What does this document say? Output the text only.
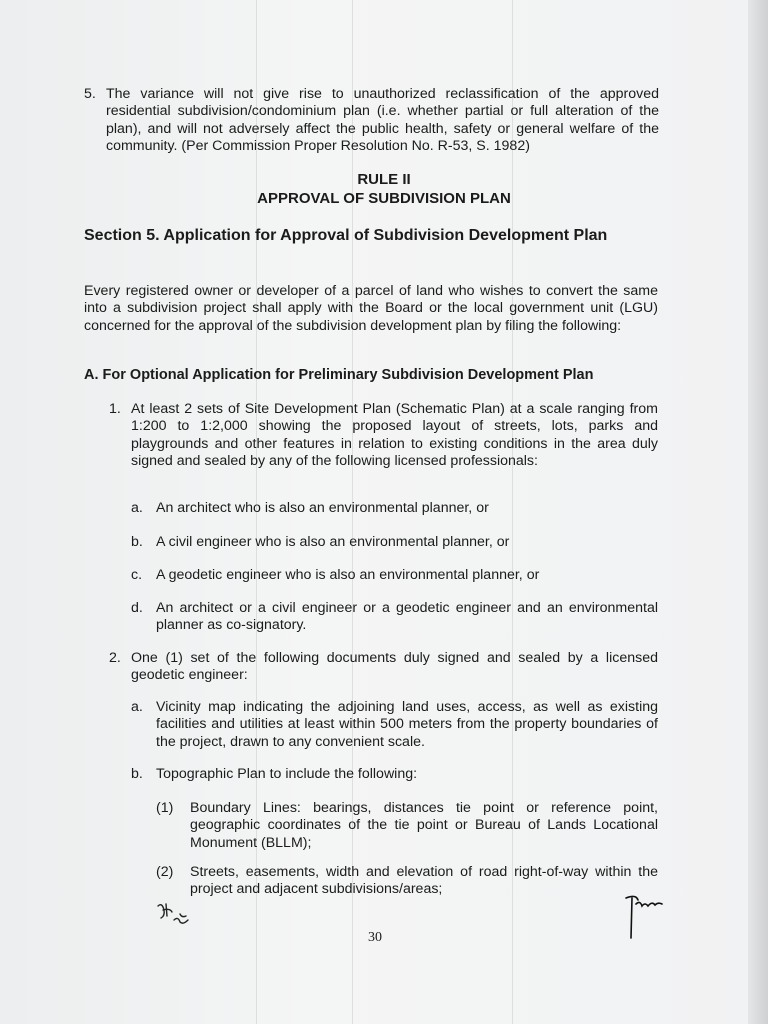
5. The variance will not give rise to unauthorized reclassification of the approved residential subdivision/condominium plan (i.e. whether partial or full alteration of the plan), and will not adversely affect the public health, safety or general welfare of the community. (Per Commission Proper Resolution No. R-53, S. 1982)

RULE II

APPROVAL OF SUBDIVISION PLAN

Section 5. Application for Approval of Subdivision Development Plan

Every registered owner or developer of a parcel of land who wishes to convert the same into a subdivision project shall apply with the Board or the local government unit (LGU) concerned for the approval of the subdivision development plan by filing the following:

A. For Optional Application for Preliminary Subdivision Development Plan

1. At least 2 sets of Site Development Plan (Schematic Plan) at a scale ranging from 1:200 to 1:2,000 showing the proposed layout of streets, lots, parks and playgrounds and other features in relation to existing conditions in the area duly signed and sealed by any of the following licensed professionals:

a. An architect who is also an environmental planner, or

b. A civil engineer who is also an environmental planner, or

c. A geodetic engineer who is also an environmental planner, or

d. An architect or a civil engineer or a geodetic engineer and an environmental planner as co-signatory.

2. One (1) set of the following documents duly signed and sealed by a licensed geodetic engineer:

a. Vicinity map indicating the adjoining land uses, access, as well as existing facilities and utilities at least within 500 meters from the property boundaries of the project, drawn to any convenient scale.

b. Topographic Plan to include the following:

(1) Boundary Lines: bearings, distances tie point or reference point, geographic coordinates of the tie point or Bureau of Lands Locational Monument (BLLM);

(2) Streets, easements, width and elevation of road right-of-way within the project and adjacent subdivisions/areas;

30
